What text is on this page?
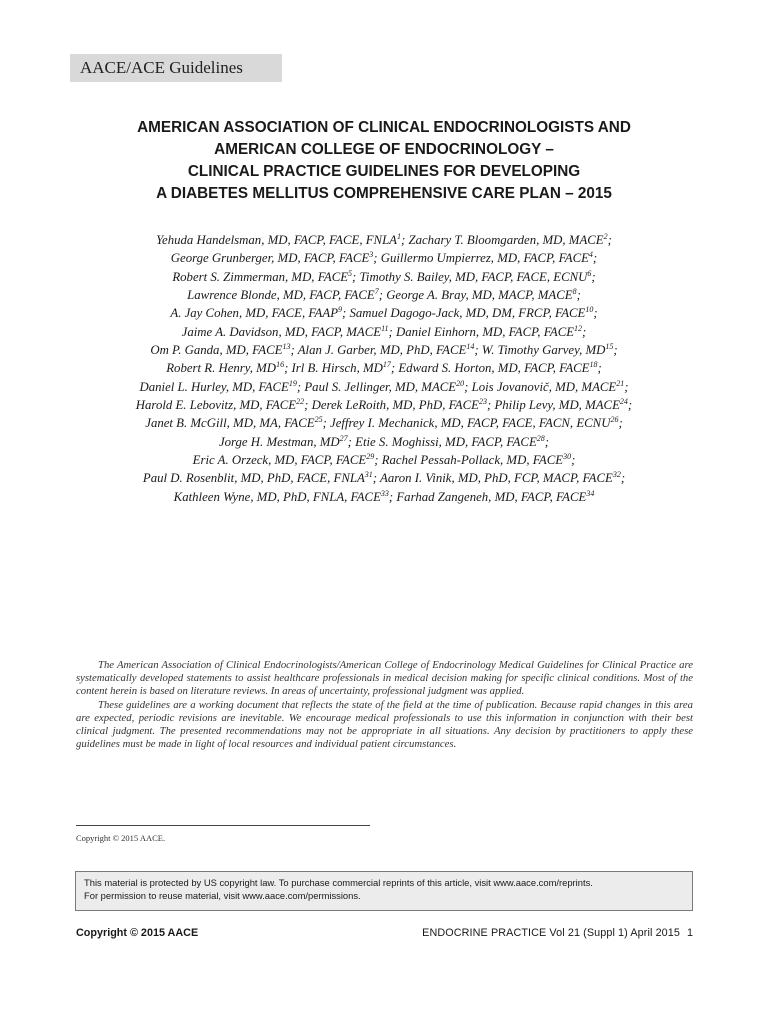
AACE/ACE Guidelines
AMERICAN ASSOCIATION OF CLINICAL ENDOCRINOLOGISTS AND
AMERICAN COLLEGE OF ENDOCRINOLOGY –
CLINICAL PRACTICE GUIDELINES FOR DEVELOPING
A DIABETES MELLITUS COMPREHENSIVE CARE PLAN – 2015
Yehuda Handelsman, MD, FACP, FACE, FNLA$^1$; Zachary T. Bloomgarden, MD, MACE$^2$;
George Grunberger, MD, FACP, FACE$^3$; Guillermo Umpierrez, MD, FACP, FACE$^4$;
Robert S. Zimmerman, MD, FACE$^5$; Timothy S. Bailey, MD, FACP, FACE, ECNU$^6$;
Lawrence Blonde, MD, FACP, FACE$^7$; George A. Bray, MD, MACP, MACE$^8$;
A. Jay Cohen, MD, FACE, FAAP$^9$; Samuel Dagogo-Jack, MD, DM, FRCP, FACE$^{10}$;
Jaime A. Davidson, MD, FACP, MACE$^{11}$; Daniel Einhorn, MD, FACP, FACE$^{12}$;
Om P. Ganda, MD, FACE$^{13}$; Alan J. Garber, MD, PhD, FACE$^{14}$; W. Timothy Garvey, MD$^{15}$;
Robert R. Henry, MD$^{16}$; Irl B. Hirsch, MD$^{17}$; Edward S. Horton, MD, FACP, FACE$^{18}$;
Daniel L. Hurley, MD, FACE$^{19}$; Paul S. Jellinger, MD, MACE$^{20}$; Lois Jovanovič, MD, MACE$^{21}$;
Harold E. Lebovitz, MD, FACE$^{22}$; Derek LeRoith, MD, PhD, FACE$^{23}$; Philip Levy, MD, MACE$^{24}$;
Janet B. McGill, MD, MA, FACE$^{25}$; Jeffrey I. Mechanick, MD, FACP, FACE, FACN, ECNU$^{26}$;
Jorge H. Mestman, MD$^{27}$; Etie S. Moghissi, MD, FACP, FACE$^{28}$;
Eric A. Orzeck, MD, FACP, FACE$^{29}$; Rachel Pessah-Pollack, MD, FACE$^{30}$;
Paul D. Rosenblit, MD, PhD, FACE, FNLA$^{31}$; Aaron I. Vinik, MD, PhD, FCP, MACP, FACE$^{32}$;
Kathleen Wyne, MD, PhD, FNLA, FACE$^{33}$; Farhad Zangeneh, MD, FACP, FACE$^{34}$

The American Association of Clinical Endocrinologists/American College of Endocrinology Medical Guidelines for Clinical Practice are systematically developed statements to assist healthcare professionals in medical decision making for specific clinical conditions. Most of the content herein is based on literature reviews. In areas of uncertainty, professional judgment was applied.

These guidelines are a working document that reflects the state of the field at the time of publication. Because rapid changes in this area are expected, periodic revisions are inevitable. We encourage medical professionals to use this information in conjunction with their best clinical judgment. The presented recommendations may not be appropriate in all situations. Any decision by practitioners to apply these guidelines must be made in light of local resources and individual patient circumstances.

Copyright © 2015 AACE.
This material is protected by US copyright law. To purchase commercial reprints of this article, visit www.aace.com/reprints.
For permission to reuse material, visit www.aace.com/permissions.
Copyright © 2015 AACE	ENDOCRINE PRACTICE Vol 21 (Suppl 1) April 2015 1
